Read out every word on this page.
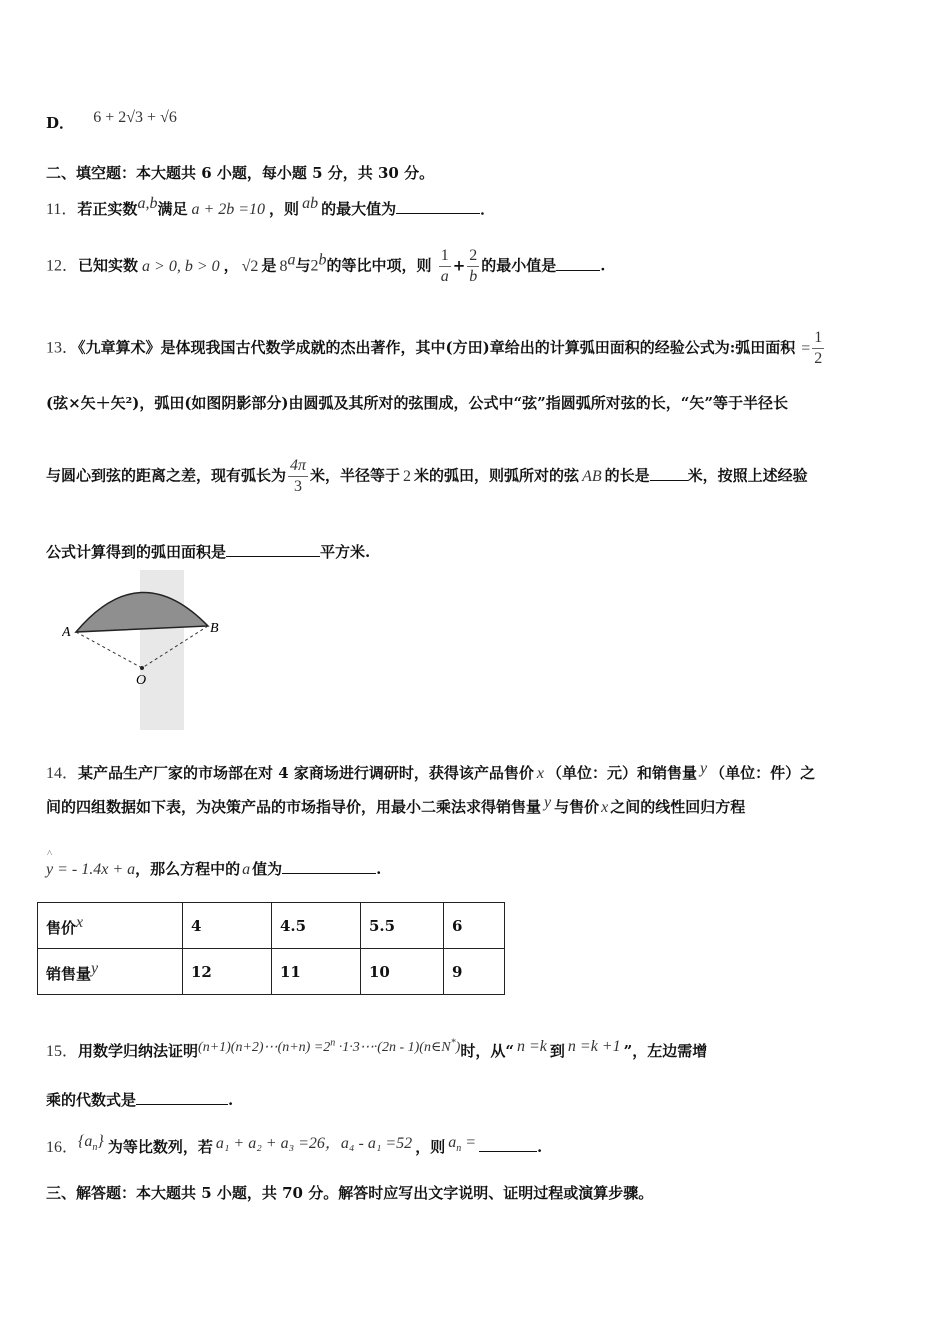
D． 6 + 2√3 + √6
二、填空题：本大题共 6 小题，每小题 5 分，共 30 分。
11．若正实数a,b满足 a + 2b =10 ，则 ab 的最大值为	．
12．已知实数 a > 0, b > 0 ， √2 是 8$^a$与2$^b$的等比中项，则 $\frac{1}{a} + \frac{2}{b}$ 的最小值是	.
13．《九章算术》是体现我国古代数学成就的杰出著作，其中(方田)章给出的计算弧田面积的经验公式为:弧田面积 = $\frac{1}{2}$
(弦×矢＋矢²)，弧田(如图阴影部分)由圆弧及其所对的弦围成，公式中“弦”指圆弧所对弦的长，“矢”等于半径长
与圆心到弦的距离之差，现有弧长为 $\frac{4\pi}{3}$ 米，半径等于 2 米的弧田，则弧所对的弦 AB 的长是	米，按照上述经验
公式计算得到的弧田面积是	平方米.
A	B
O
14．某产品生产厂家的市场部在对 4 家商场进行调研时，获得该产品售价 x （单位：元）和销售量 y （单位：件）之
间的四组数据如下表，为决策产品的市场指导价，用最小二乘法求得销售量 y 与售价 x 之间的线性回归方程
^ y = - 1.4x + a，那么方程中的 a 值为	.
售价$^x$	4	4.5	5.5	6
销售量$^y$	12	11	10	9
15．用数学归纳法证明(n+1)(n+2)⋯(n+n) $=2^n$ ·1·3⋯·(2n - 1)(n∈N*)时，从“ n =k 到 n =k +1 ”，左边需增
乘的代数式是	.
16．$\{a_n\}$ 为等比数列，若 a₁ + a₂ + a₃ =26，a₄ - a₁ =52 ，则 $a_n$ =	.
三、解答题：本大题共 5 小题，共 70 分。解答时应写出文字说明、证明过程或演算步骤。
